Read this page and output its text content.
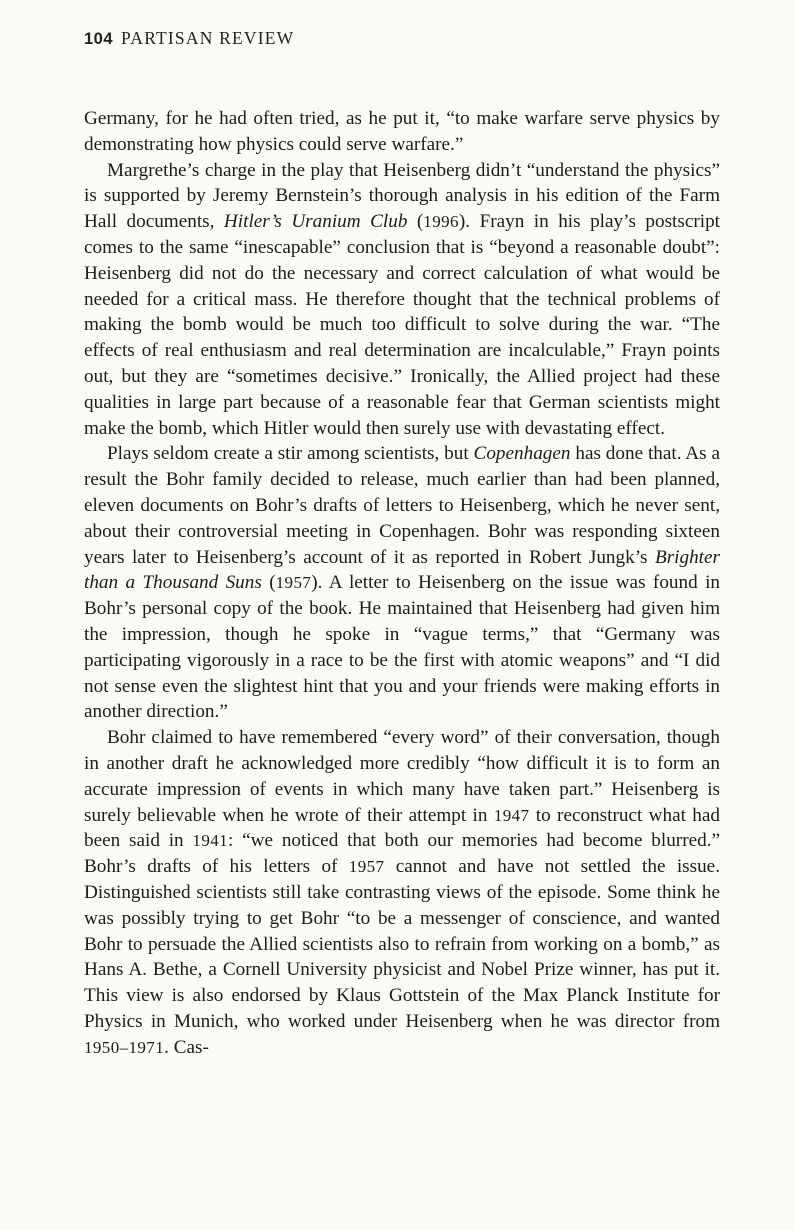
104 PARTISAN REVIEW

Germany, for he had often tried, as he put it, “to make warfare serve physics by demonstrating how physics could serve warfare.”

Margrethe’s charge in the play that Heisenberg didn’t “understand the physics” is supported by Jeremy Bernstein’s thorough analysis in his edition of the Farm Hall documents, Hitler’s Uranium Club (1996). Frayn in his play’s postscript comes to the same “inescapable” conclusion that is “beyond a reasonable doubt”: Heisenberg did not do the necessary and correct calculation of what would be needed for a critical mass. He therefore thought that the technical problems of making the bomb would be much too difficult to solve during the war. “The effects of real enthusiasm and real determination are incalculable,” Frayn points out, but they are “sometimes decisive.” Ironically, the Allied project had these qualities in large part because of a reasonable fear that German scientists might make the bomb, which Hitler would then surely use with devastating effect.

Plays seldom create a stir among scientists, but Copenhagen has done that. As a result the Bohr family decided to release, much earlier than had been planned, eleven documents on Bohr’s drafts of letters to Heisenberg, which he never sent, about their controversial meeting in Copenhagen. Bohr was responding sixteen years later to Heisenberg’s account of it as reported in Robert Jungk’s Brighter than a Thousand Suns (1957). A letter to Heisenberg on the issue was found in Bohr’s personal copy of the book. He maintained that Heisenberg had given him the impression, though he spoke in “vague terms,” that “Germany was participating vigorously in a race to be the first with atomic weapons” and “I did not sense even the slightest hint that you and your friends were making efforts in another direction.”

Bohr claimed to have remembered “every word” of their conversation, though in another draft he acknowledged more credibly “how difficult it is to form an accurate impression of events in which many have taken part.” Heisenberg is surely believable when he wrote of their attempt in 1947 to reconstruct what had been said in 1941: “we noticed that both our memories had become blurred.” Bohr’s drafts of his letters of 1957 cannot and have not settled the issue. Distinguished scientists still take contrasting views of the episode. Some think he was possibly trying to get Bohr “to be a messenger of conscience, and wanted Bohr to persuade the Allied scientists also to refrain from working on a bomb,” as Hans A. Bethe, a Cornell University physicist and Nobel Prize winner, has put it. This view is also endorsed by Klaus Gottstein of the Max Planck Institute for Physics in Munich, who worked under Heisenberg when he was director from 1950–1971. Cas-
